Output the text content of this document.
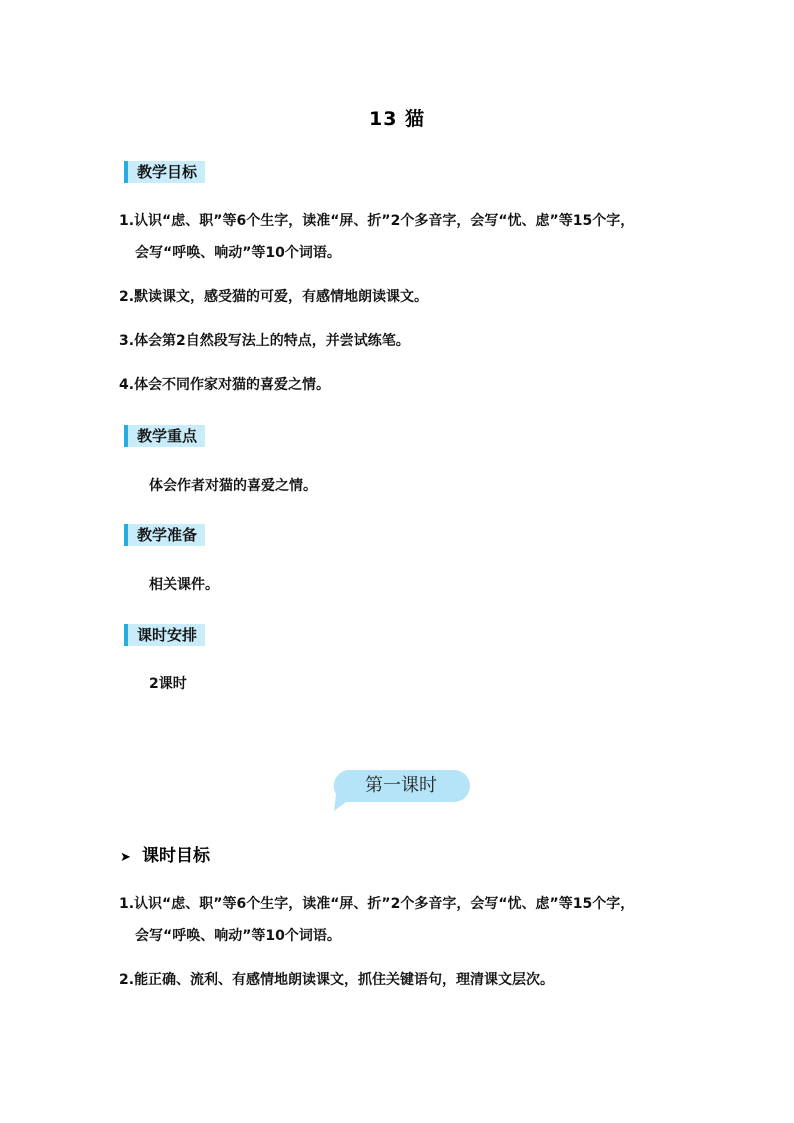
13 猫
教学目标
1.认识“虑、职”等6个生字，读准“屏、折”2个多音字，会写“忧、虑”等15个字，
会写“呼唤、响动”等10个词语。
2.默读课文，感受猫的可爱，有感情地朗读课文。
3.体会第2自然段写法上的特点，并尝试练笔。
4.体会不同作家对猫的喜爱之情。
教学重点
体会作者对猫的喜爱之情。
教学准备
相关课件。
课时安排
2课时
第一课时
➤ 课时目标
1.认识“虑、职”等6个生字，读准“屏、折”2个多音字，会写“忧、虑”等15个字，
会写“呼唤、响动”等10个词语。
2.能正确、流利、有感情地朗读课文，抓住关键语句，理清课文层次。
